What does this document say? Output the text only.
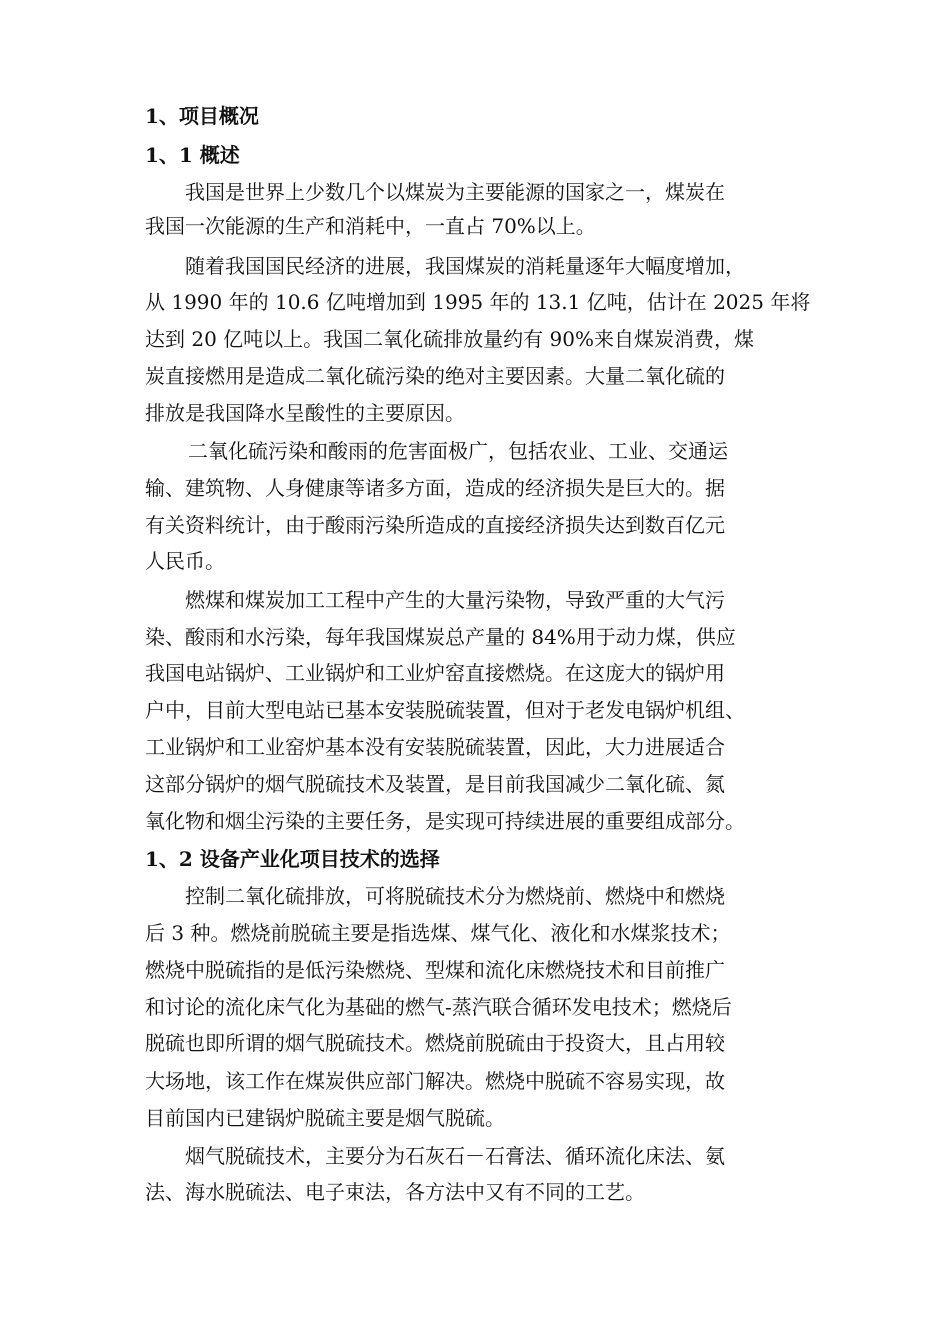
1、项目概况
1、1 概述
我国是世界上少数几个以煤炭为主要能源的国家之一，煤炭在
我国一次能源的生产和消耗中，一直占 70%以上。
随着我国国民经济的进展，我国煤炭的消耗量逐年大幅度增加，
从 1990 年的 10.6 亿吨增加到 1995 年的 13.1 亿吨，估计在 2025 年将
达到 20 亿吨以上。我国二氧化硫排放量约有 90%来自煤炭消费，煤
炭直接燃用是造成二氧化硫污染的绝对主要因素。大量二氧化硫的
排放是我国降水呈酸性的主要原因。
二氧化硫污染和酸雨的危害面极广，包括农业、工业、交通运
输、建筑物、人身健康等诸多方面，造成的经济损失是巨大的。据
有关资料统计，由于酸雨污染所造成的直接经济损失达到数百亿元
人民币。
燃煤和煤炭加工工程中产生的大量污染物，导致严重的大气污
染、酸雨和水污染，每年我国煤炭总产量的 84%用于动力煤，供应
我国电站锅炉、工业锅炉和工业炉窑直接燃烧。在这庞大的锅炉用
户中，目前大型电站已基本安装脱硫装置，但对于老发电锅炉机组、
工业锅炉和工业窑炉基本没有安装脱硫装置，因此，大力进展适合
这部分锅炉的烟气脱硫技术及装置，是目前我国减少二氧化硫、氮
氧化物和烟尘污染的主要任务，是实现可持续进展的重要组成部分。
1、2 设备产业化项目技术的选择
控制二氧化硫排放，可将脱硫技术分为燃烧前、燃烧中和燃烧
后 3 种。燃烧前脱硫主要是指选煤、煤气化、液化和水煤浆技术；
燃烧中脱硫指的是低污染燃烧、型煤和流化床燃烧技术和目前推广
和讨论的流化床气化为基础的燃气-蒸汽联合循环发电技术；燃烧后
脱硫也即所谓的烟气脱硫技术。燃烧前脱硫由于投资大，且占用较
大场地，该工作在煤炭供应部门解决。燃烧中脱硫不容易实现，故
目前国内已建锅炉脱硫主要是烟气脱硫。
烟气脱硫技术，主要分为石灰石－石膏法、循环流化床法、氨
法、海水脱硫法、电子束法，各方法中又有不同的工艺。
